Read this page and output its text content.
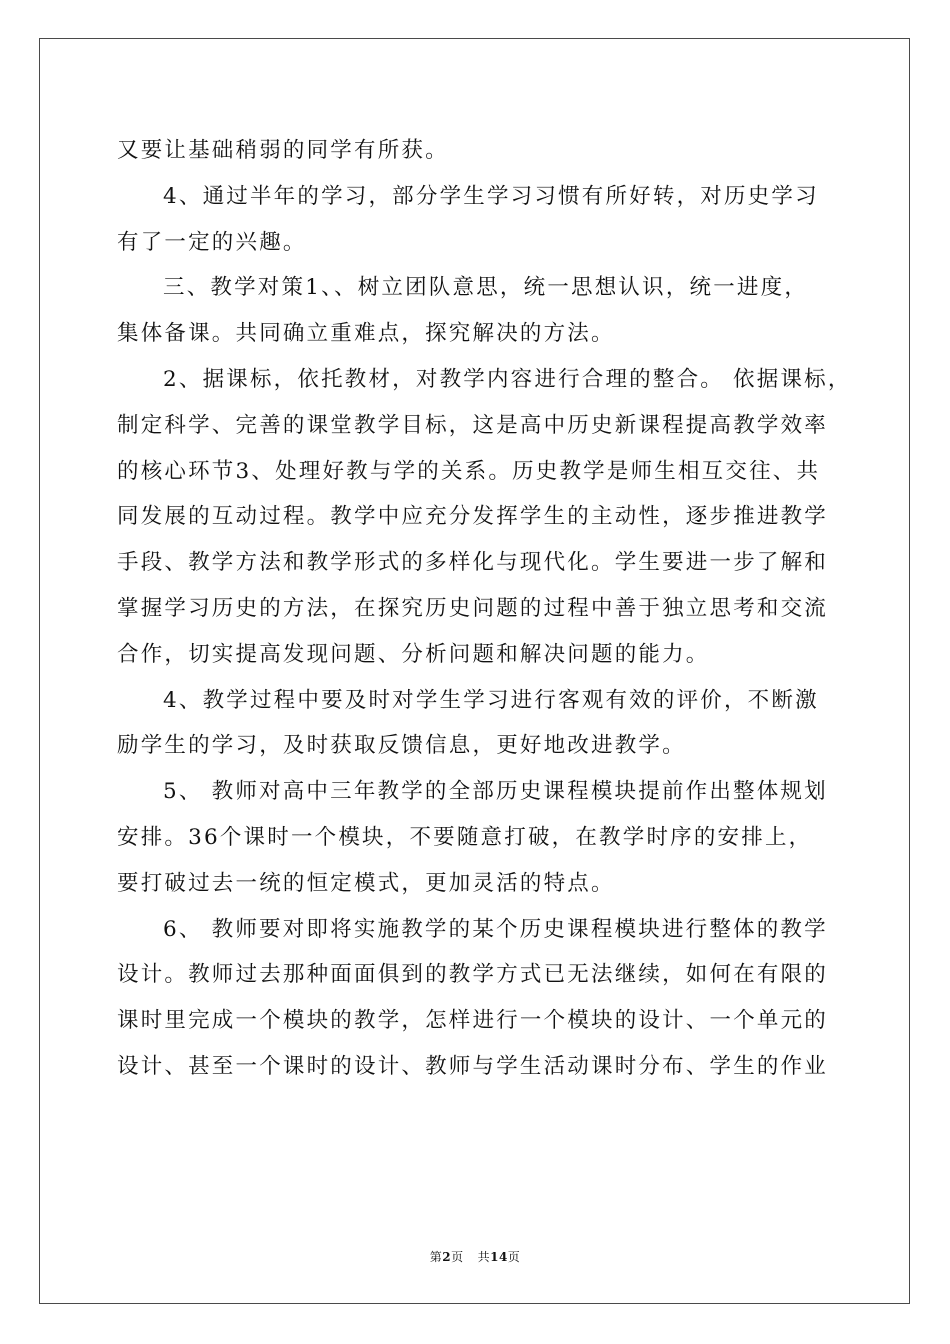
又要让基础稍弱的同学有所获。
4、通过半年的学习，部分学生学习习惯有所好转，对历史学习
有了一定的兴趣。
三、教学对策1、、树立团队意思，统一思想认识，统一进度，
集体备课。共同确立重难点，探究解决的方法。
2、据课标，依托教材，对教学内容进行合理的整合。 依据课标，
制定科学、完善的课堂教学目标，这是高中历史新课程提高教学效率
的核心环节3、处理好教与学的关系。历史教学是师生相互交往、共
同发展的互动过程。教学中应充分发挥学生的主动性，逐步推进教学
手段、教学方法和教学形式的多样化与现代化。学生要进一步了解和
掌握学习历史的方法，在探究历史问题的过程中善于独立思考和交流
合作，切实提高发现问题、分析问题和解决问题的能力。
4、教学过程中要及时对学生学习进行客观有效的评价，不断激
励学生的学习，及时获取反馈信息，更好地改进教学。
5、 教师对高中三年教学的全部历史课程模块提前作出整体规划
安排。36个课时一个模块，不要随意打破，在教学时序的安排上，
要打破过去一统的恒定模式，更加灵活的特点。
6、 教师要对即将实施教学的某个历史课程模块进行整体的教学
设计。教师过去那种面面俱到的教学方式已无法继续，如何在有限的
课时里完成一个模块的教学，怎样进行一个模块的设计、一个单元的
设计、甚至一个课时的设计、教师与学生活动课时分布、学生的作业
第2页 共14页
